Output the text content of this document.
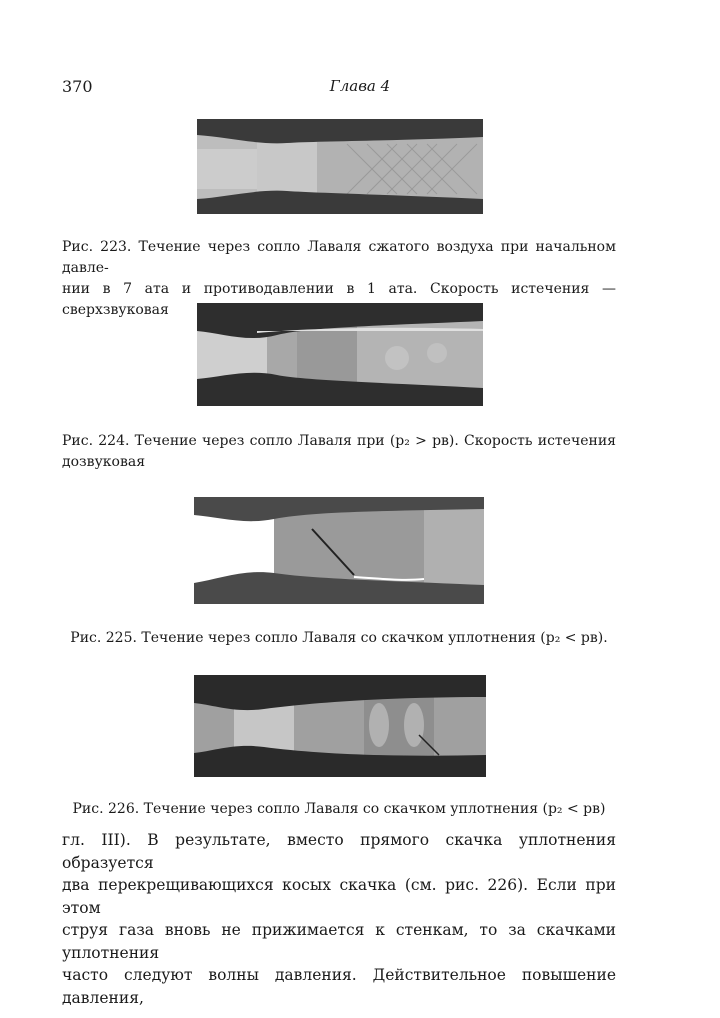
370	Глава 4
Рис. 223. Течение через сопло Лаваля сжатого воздуха при начальном давле-
нии в 7 ата и противодавлении в 1 ата. Скорость истечения — сверхзвуковая
Рис. 224. Течение через сопло Лаваля при (p₂ > pв). Скорость истечения
дозвуковая
Рис. 225. Течение через сопло Лаваля со скачком уплотнения (p₂ < pв).
Рис. 226. Течение через сопло Лаваля со скачком уплотнения (p₂ < pв)
гл. III). В результате, вместо прямого скачка уплотнения образуется
два перекрещивающихся косых скачка (см. рис. 226). Если при этом
струя газа вновь не прижимается к стенкам, то за скачками уплотнения
часто следуют волны давления. Действительное повышение давления,
